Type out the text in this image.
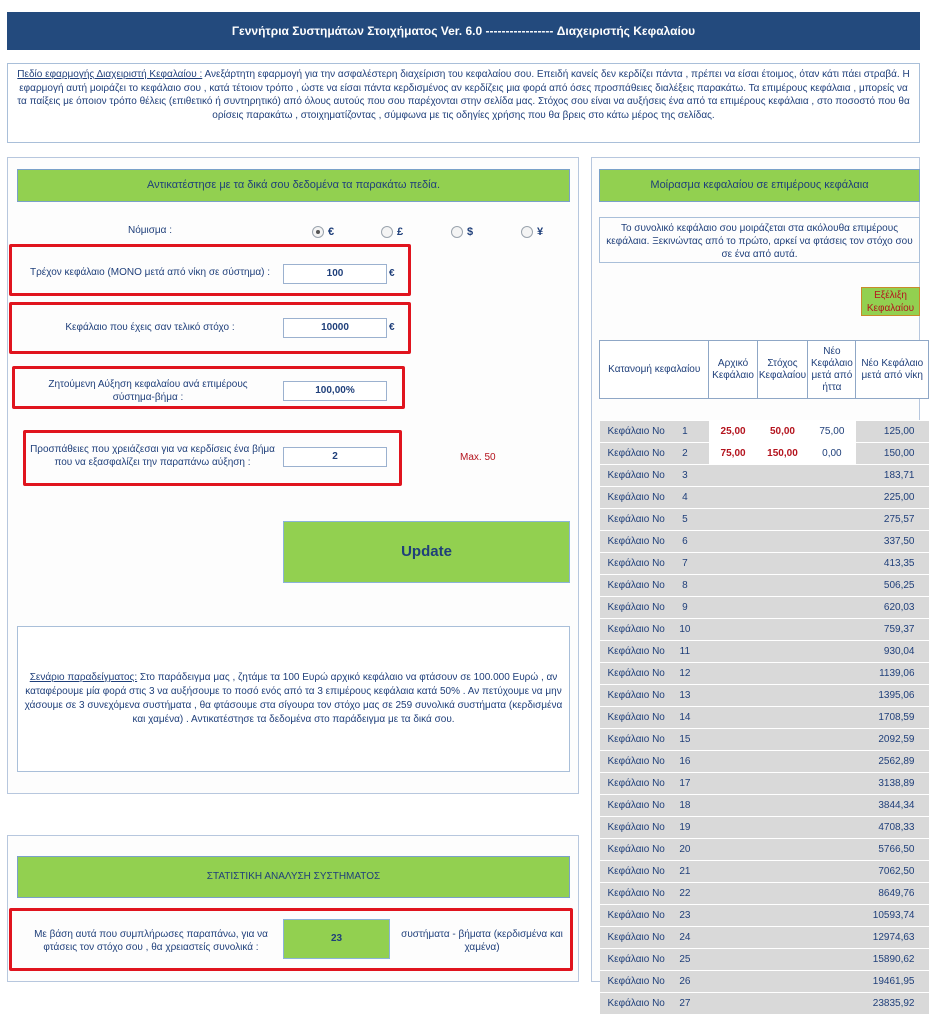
Γεννήτρια Συστημάτων Στοιχήματος Ver. 6.0 ----------------- Διαχειριστής Κεφαλαίου
Πεδίο εφαρμογής Διαχειριστή Κεφαλαίου : Ανεξάρτητη εφαρμογή για την ασφαλέστερη διαχείριση του κεφαλαίου σου. Επειδή κανείς δεν κερδίζει πάντα , πρέπει να είσαι έτοιμος, όταν κάτι πάει στραβά. Η εφαρμογή αυτή μοιράζει το κεφάλαιο σου , κατά τέτοιον τρόπο , ώστε να είσαι πάντα κερδισμένος αν κερδίζεις μια φορά από όσες προσπάθειες διαλέξεις παρακάτω. Τα επιμέρους κεφάλαια , μπορείς να τα παίξεις με όποιον τρόπο θέλεις (επιθετικό ή συντηρητικό) από όλους αυτούς που σου παρέχονται στην σελίδα μας. Στόχος σου είναι να αυξήσεις ένα από τα επιμέρους κεφάλαια , στο ποσοστό που θα ορίσεις παρακάτω , στοιχηματίζοντας , σύμφωνα με τις οδηγίες χρήσης που θα βρεις στο κάτω μέρος της σελίδας.
Αντικατέστησε με τα δικά σου δεδομένα τα παρακάτω πεδία.
Νόμισμα :	€	£	$	¥
Τρέχον κεφάλαιο (ΜΟΝΟ μετά από νίκη σε σύστημα) :	100	€
Κεφάλαιο που έχεις σαν τελικό στόχο :	10000	€
Ζητούμενη Αύξηση κεφαλαίου ανά επιμέρους σύστημα-βήμα :
100,00%
Προσπάθειες που χρειάζεσαι για να κερδίσεις ένα βήμα που να εξασφαλίζει την παραπάνω αύξηση :
2	Max. 50
Update
Σενάριο παραδείγματος: Στο παράδειγμα μας , ζητάμε τα 100 Ευρώ αρχικό κεφάλαιο να φτάσουν σε 100.000 Ευρώ , αν καταφέρουμε μία φορά στις 3 να αυξήσουμε το ποσό ενός από τα 3 επιμέρους κεφάλαια κατά 50% . Αν πετύχουμε να μην χάσουμε σε 3 συνεχόμενα συστήματα , θα φτάσουμε στα σίγουρα τον στόχο μας σε 259 συνολικά συστήματα (κερδισμένα και χαμένα) . Αντικατέστησε τα δεδομένα στο παράδειγμα με τα δικά σου.
ΣΤΑΤΙΣΤΙΚΗ ΑΝΑΛΥΣΗ ΣΥΣΤΗΜΑΤΟΣ
Με βάση αυτά που συμπλήρωσες παραπάνω, για να φτάσεις τον στόχο σου , θα χρειαστείς συνολικά :
23	συστήματα - βήματα (κερδισμένα και χαμένα)
Μοίρασμα κεφαλαίου σε επιμέρους κεφάλαια
Το συνολικό κεφάλαιο σου μοιράζεται στα ακόλουθα επιμέρους κεφάλαια. Ξεκινώντας από το πρώτο, αρκεί να φτάσεις τον στόχο σου σε ένα από αυτά.
Εξέλιξη Κεφαλαίου
Κατανομή κεφαλαίου	Αρχικό Κεφάλαιο	Στόχος Κεφαλαίου	Νέο Κεφάλαιο μετά από ήττα	Νέο Κεφάλαιο μετά από νίκη

Κεφάλαιο Νο 1	25,00	50,00	75,00	125,00
Κεφάλαιο Νο 2	75,00	150,00	0,00	150,00
Κεφάλαιο Νο 3				183,71
Κεφάλαιο Νο 4				225,00
Κεφάλαιο Νο 5				275,57
Κεφάλαιο Νο 6				337,50
Κεφάλαιο Νο 7				413,35
Κεφάλαιο Νο 8				506,25
Κεφάλαιο Νο 9				620,03
Κεφάλαιο Νο 10				759,37
Κεφάλαιο Νο 11				930,04
Κεφάλαιο Νο 12				1139,06
Κεφάλαιο Νο 13				1395,06
Κεφάλαιο Νο 14				1708,59
Κεφάλαιο Νο 15				2092,59
Κεφάλαιο Νο 16				2562,89
Κεφάλαιο Νο 17				3138,89
Κεφάλαιο Νο 18				3844,34
Κεφάλαιο Νο 19				4708,33
Κεφάλαιο Νο 20				5766,50
Κεφάλαιο Νο 21				7062,50
Κεφάλαιο Νο 22				8649,76
Κεφάλαιο Νο 23				10593,74
Κεφάλαιο Νο 24				12974,63
Κεφάλαιο Νο 25				15890,62
Κεφάλαιο Νο 26				19461,95
Κεφάλαιο Νο 27				23835,92
